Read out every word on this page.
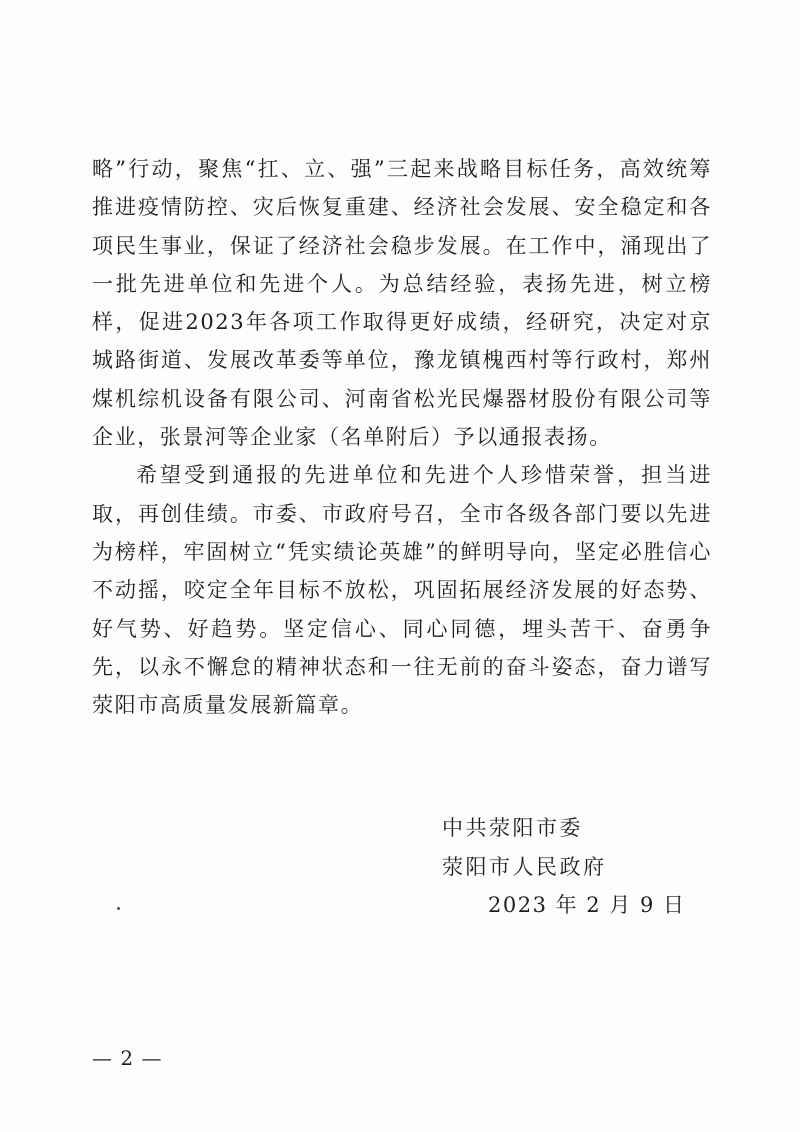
略”行动，聚焦“扛、立、强”三起来战略目标任务，高效统筹推进疫情防控、灾后恢复重建、经济社会发展、安全稳定和各项民生事业，保证了经济社会稳步发展。在工作中，涌现出了一批先进单位和先进个人。为总结经验，表扬先进，树立榜样，促进2023年各项工作取得更好成绩，经研究，决定对京城路街道、发展改革委等单位，豫龙镇槐西村等行政村，郑州煤机综机设备有限公司、河南省松光民爆器材股份有限公司等企业，张景河等企业家（名单附后）予以通报表扬。

希望受到通报的先进单位和先进个人珍惜荣誉，担当进取，再创佳绩。市委、市政府号召，全市各级各部门要以先进为榜样，牢固树立“凭实绩论英雄”的鲜明导向，坚定必胜信心不动摇，咬定全年目标不放松，巩固拓展经济发展的好态势、好气势、好趋势。坚定信心、同心同德，埋头苦干、奋勇争先，以永不懈怠的精神状态和一往无前的奋斗姿态，奋力谱写荥阳市高质量发展新篇章。

中共荥阳市委
荥阳市人民政府
2023 年 2 月 9 日
— 2 —
